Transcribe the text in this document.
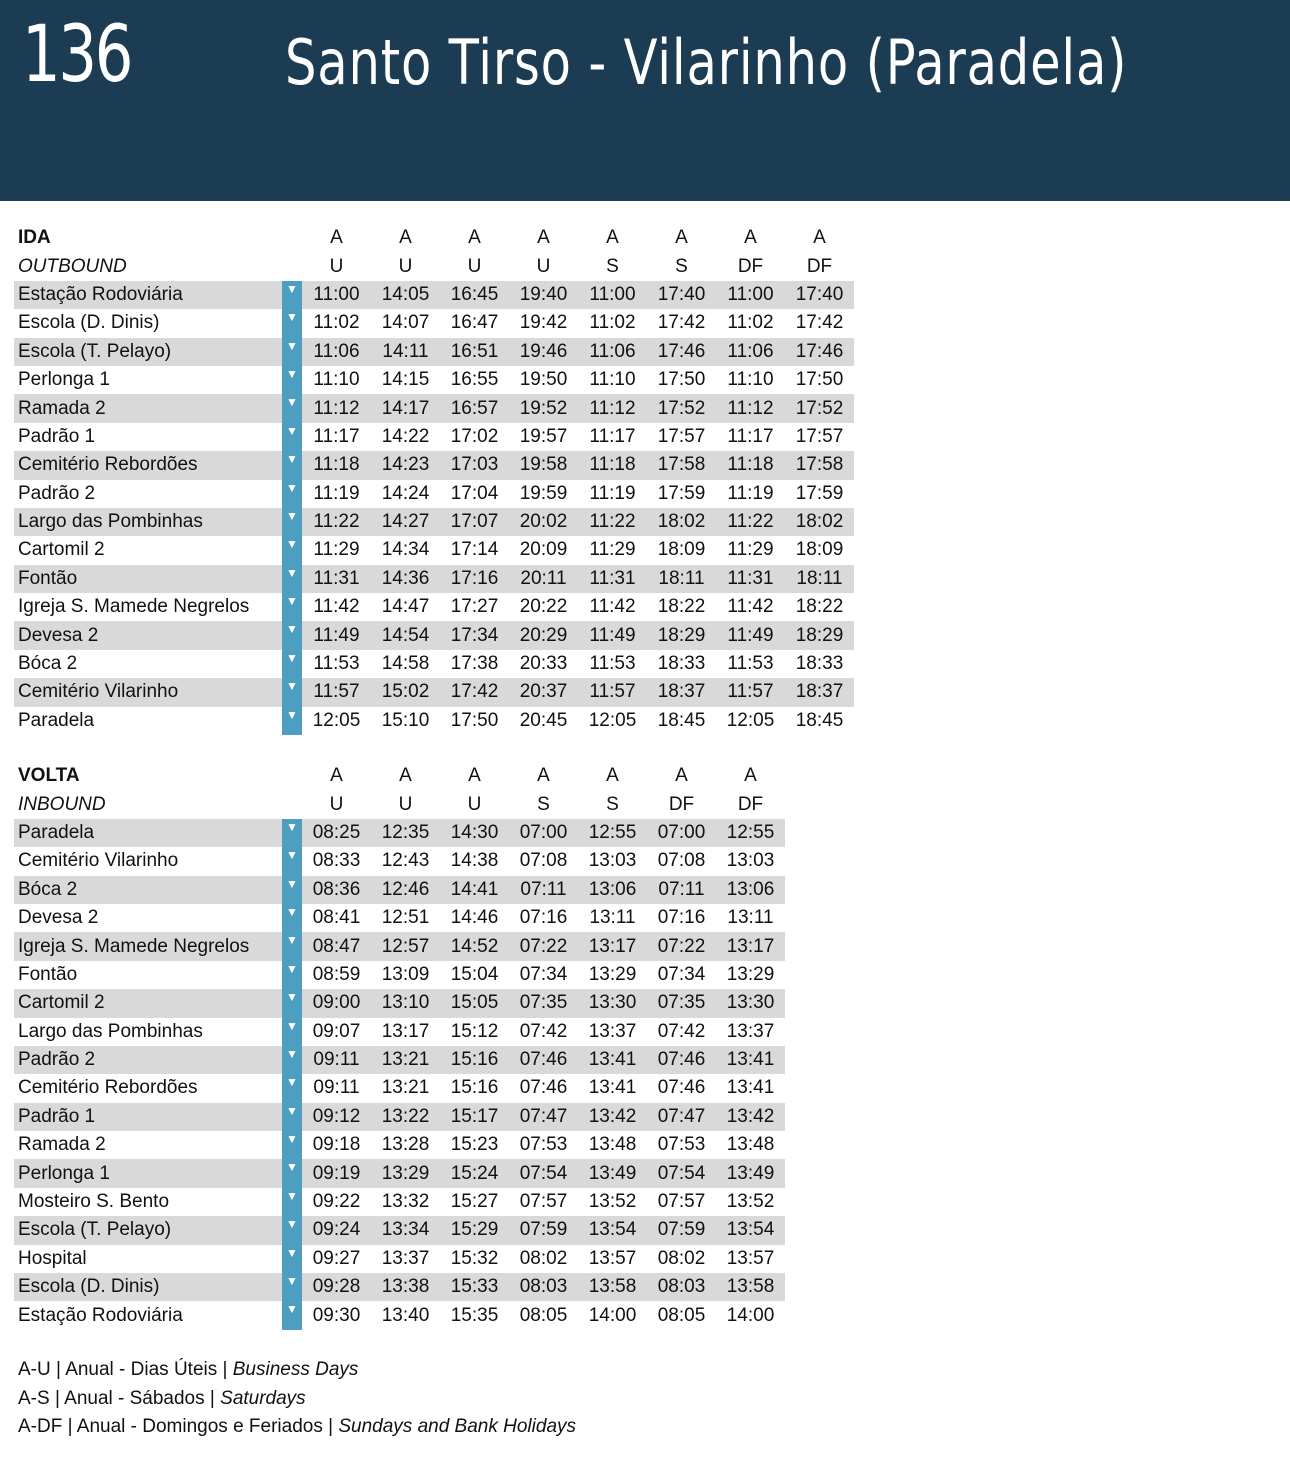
136 Santo Tirso - Vilarinho (Paradela)
IDA		A	A	A	A	A	A	A	A
OUTBOUND		U	U	U	U	S	S	DF	DF
Estação Rodoviária	▼	11:00	14:05	16:45	19:40	11:00	17:40	11:00	17:40
Escola (D. Dinis)	▼	11:02	14:07	16:47	19:42	11:02	17:42	11:02	17:42
Escola (T. Pelayo)	▼	11:06	14:11	16:51	19:46	11:06	17:46	11:06	17:46
Perlonga 1	▼	11:10	14:15	16:55	19:50	11:10	17:50	11:10	17:50
Ramada 2	▼	11:12	14:17	16:57	19:52	11:12	17:52	11:12	17:52
Padrão 1	▼	11:17	14:22	17:02	19:57	11:17	17:57	11:17	17:57
Cemitério Rebordões	▼	11:18	14:23	17:03	19:58	11:18	17:58	11:18	17:58
Padrão 2	▼	11:19	14:24	17:04	19:59	11:19	17:59	11:19	17:59
Largo das Pombinhas	▼	11:22	14:27	17:07	20:02	11:22	18:02	11:22	18:02
Cartomil 2	▼	11:29	14:34	17:14	20:09	11:29	18:09	11:29	18:09
Fontão	▼	11:31	14:36	17:16	20:11	11:31	18:11	11:31	18:11
Igreja S. Mamede Negrelos	▼	11:42	14:47	17:27	20:22	11:42	18:22	11:42	18:22
Devesa 2	▼	11:49	14:54	17:34	20:29	11:49	18:29	11:49	18:29
Bóca 2	▼	11:53	14:58	17:38	20:33	11:53	18:33	11:53	18:33
Cemitério Vilarinho	▼	11:57	15:02	17:42	20:37	11:57	18:37	11:57	18:37
Paradela	▼	12:05	15:10	17:50	20:45	12:05	18:45	12:05	18:45
VOLTA		A	A	A	A	A	A	A
INBOUND		U	U	U	S	S	DF	DF
Paradela	▼	08:25	12:35	14:30	07:00	12:55	07:00	12:55
Cemitério Vilarinho	▼	08:33	12:43	14:38	07:08	13:03	07:08	13:03
Bóca 2	▼	08:36	12:46	14:41	07:11	13:06	07:11	13:06
Devesa 2	▼	08:41	12:51	14:46	07:16	13:11	07:16	13:11
Igreja S. Mamede Negrelos	▼	08:47	12:57	14:52	07:22	13:17	07:22	13:17
Fontão	▼	08:59	13:09	15:04	07:34	13:29	07:34	13:29
Cartomil 2	▼	09:00	13:10	15:05	07:35	13:30	07:35	13:30
Largo das Pombinhas	▼	09:07	13:17	15:12	07:42	13:37	07:42	13:37
Padrão 2	▼	09:11	13:21	15:16	07:46	13:41	07:46	13:41
Cemitério Rebordões	▼	09:11	13:21	15:16	07:46	13:41	07:46	13:41
Padrão 1	▼	09:12	13:22	15:17	07:47	13:42	07:47	13:42
Ramada 2	▼	09:18	13:28	15:23	07:53	13:48	07:53	13:48
Perlonga 1	▼	09:19	13:29	15:24	07:54	13:49	07:54	13:49
Mosteiro S. Bento	▼	09:22	13:32	15:27	07:57	13:52	07:57	13:52
Escola (T. Pelayo)	▼	09:24	13:34	15:29	07:59	13:54	07:59	13:54
Hospital	▼	09:27	13:37	15:32	08:02	13:57	08:02	13:57
Escola (D. Dinis)	▼	09:28	13:38	15:33	08:03	13:58	08:03	13:58
Estação Rodoviária	▼	09:30	13:40	15:35	08:05	14:00	08:05	14:00
A-U | Anual - Dias Úteis | Business Days
A-S | Anual - Sábados | Saturdays
A-DF | Anual - Domingos e Feriados | Sundays and Bank Holidays
